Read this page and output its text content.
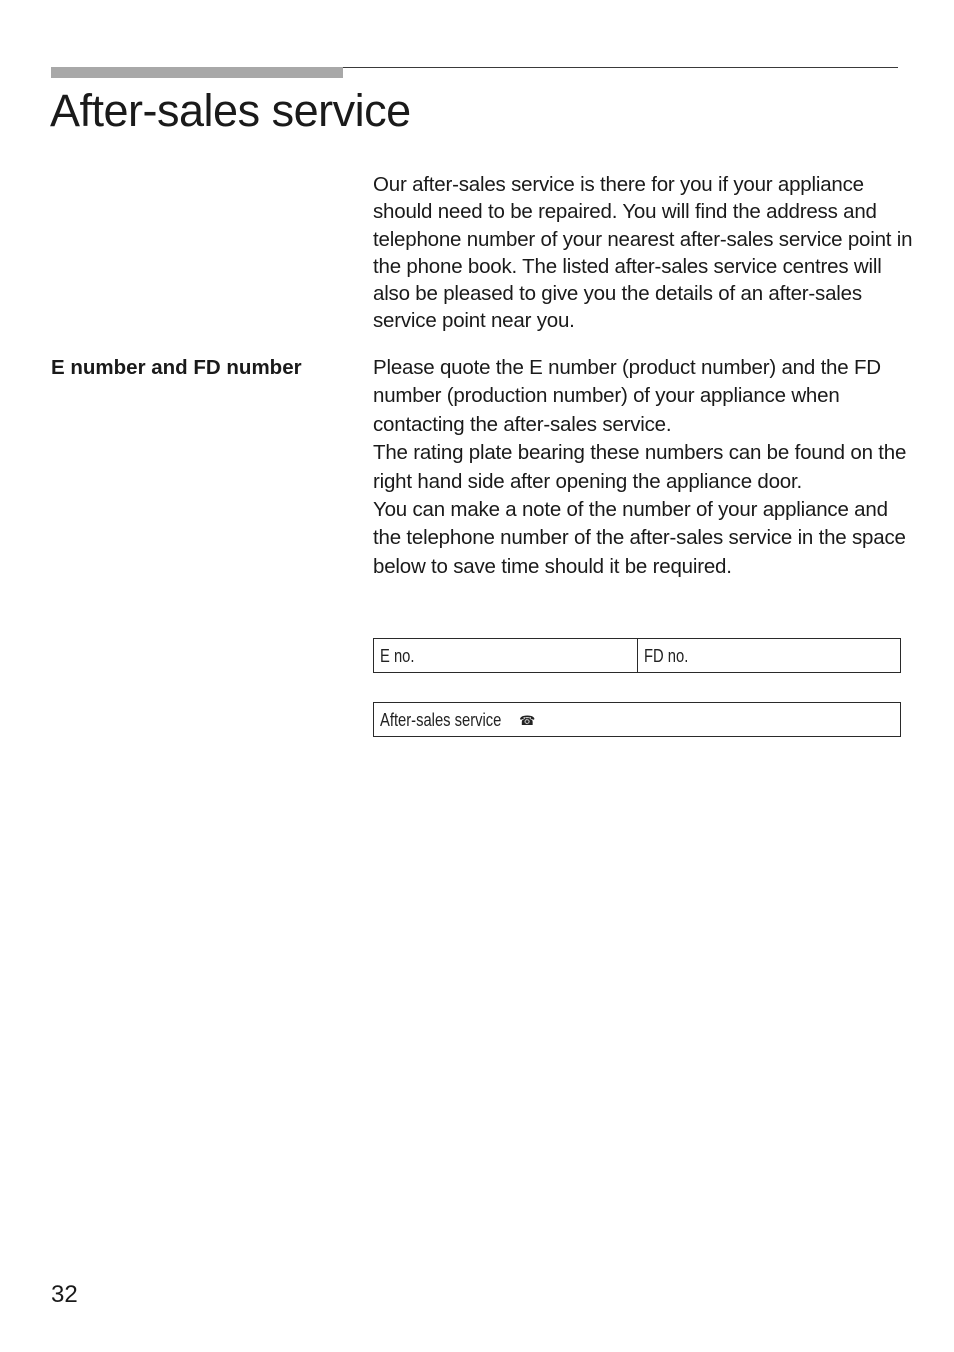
After-sales service

Our after-sales service is there for you if your appliance should need to be repaired. You will find the address and telephone number of your nearest after-sales service point in the phone book. The listed after-sales service centres will also be pleased to give you the details of an after-sales service point near you.

E number and FD number	Please quote the E number (product number) and the FD number (production number) of your appliance when contacting the after-sales service.

The rating plate bearing these numbers can be found on the right hand side after opening the appliance door.

You can make a note of the number of your appliance and the telephone number of the after-sales service in the space below to save time should it be required.

E no.	FD no.
After-sales service ☎

32
